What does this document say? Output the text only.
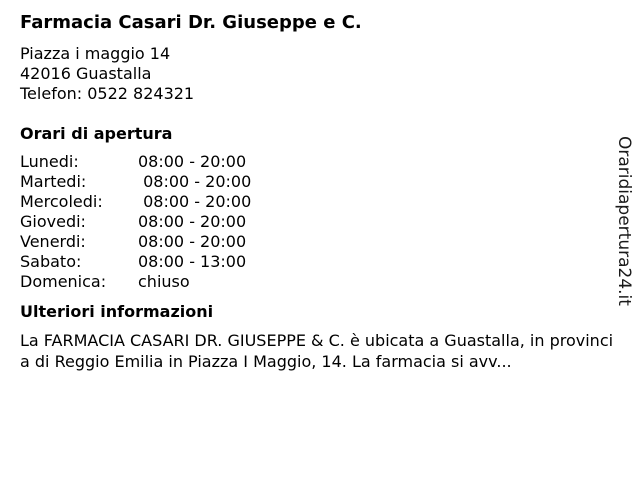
Farmacia Casari Dr. Giuseppe e C.
Piazza i maggio 14
42016 Guastalla
Telefon: 0522 824321
Orari di apertura
Lunedi:	08:00 - 20:00
Martedi:	08:00 - 20:00
Mercoledi:	08:00 - 20:00
Giovedi:	08:00 - 20:00
Venerdi:	08:00 - 20:00
Sabato:	08:00 - 13:00
Domenica:	chiuso
Ulteriori informazioni
La FARMACIA CASARI DR. GIUSEPPE & C. è ubicata a Guastalla, in provincia di Reggio Emilia in Piazza I Maggio, 14. La farmacia si avv...
Oraridiapertura24.it
